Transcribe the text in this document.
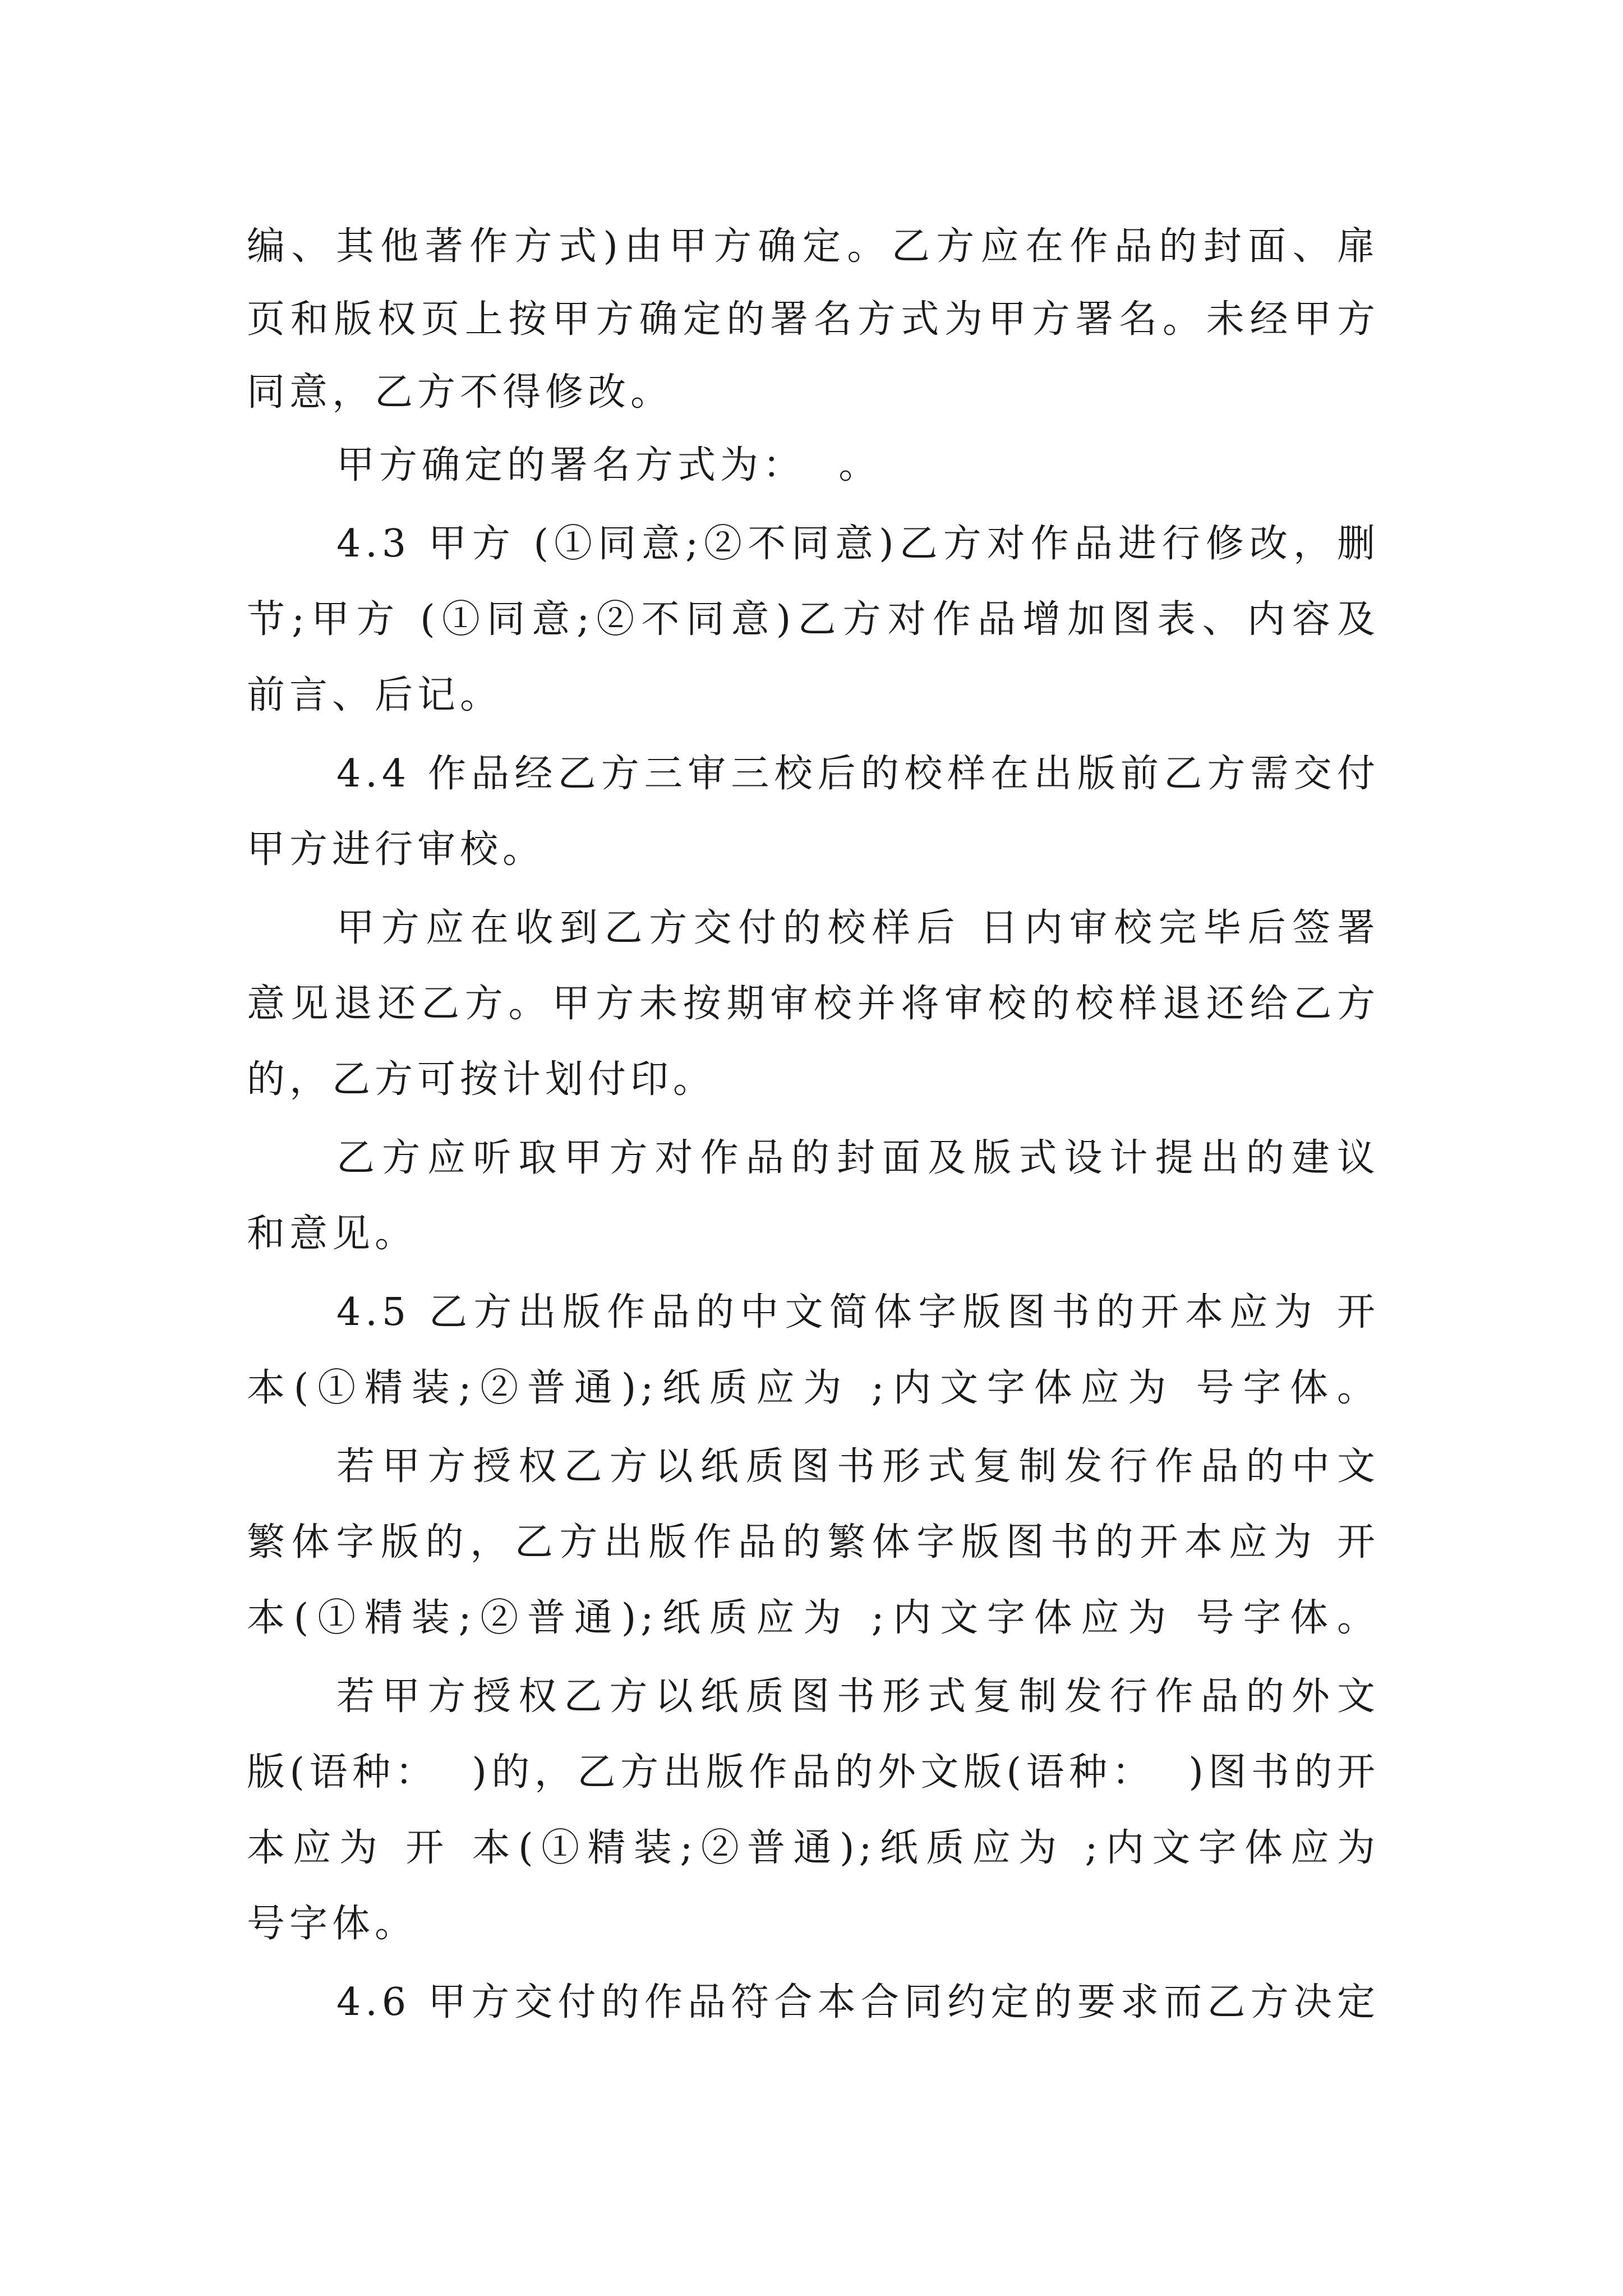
编、其他著作方式)由甲方确定。乙方应在作品的封面、扉
页和版权页上按甲方确定的署名方式为甲方署名。未经甲方
同意，乙方不得修改。
甲方确定的署名方式为：  。
4.3 甲方 (①同意;②不同意)乙方对作品进行修改，删
节;甲方 (①同意;②不同意)乙方对作品增加图表、内容及
前言、后记。
4.4 作品经乙方三审三校后的校样在出版前乙方需交付
甲方进行审校。
甲方应在收到乙方交付的校样后 日内审校完毕后签署
意见退还乙方。甲方未按期审校并将审校的校样退还给乙方
的，乙方可按计划付印。
乙方应听取甲方对作品的封面及版式设计提出的建议
和意见。
4.5 乙方出版作品的中文简体字版图书的开本应为 开
本(①精装;②普通);纸质应为 ;内文字体应为 号字体。
若甲方授权乙方以纸质图书形式复制发行作品的中文
繁体字版的，乙方出版作品的繁体字版图书的开本应为 开
本(①精装;②普通);纸质应为 ;内文字体应为 号字体。
若甲方授权乙方以纸质图书形式复制发行作品的外文
版(语种：  )的，乙方出版作品的外文版(语种：  )图书的开
本应为 开 本(①精装;②普通);纸质应为 ;内文字体应为
号字体。
4.6 甲方交付的作品符合本合同约定的要求而乙方决定
